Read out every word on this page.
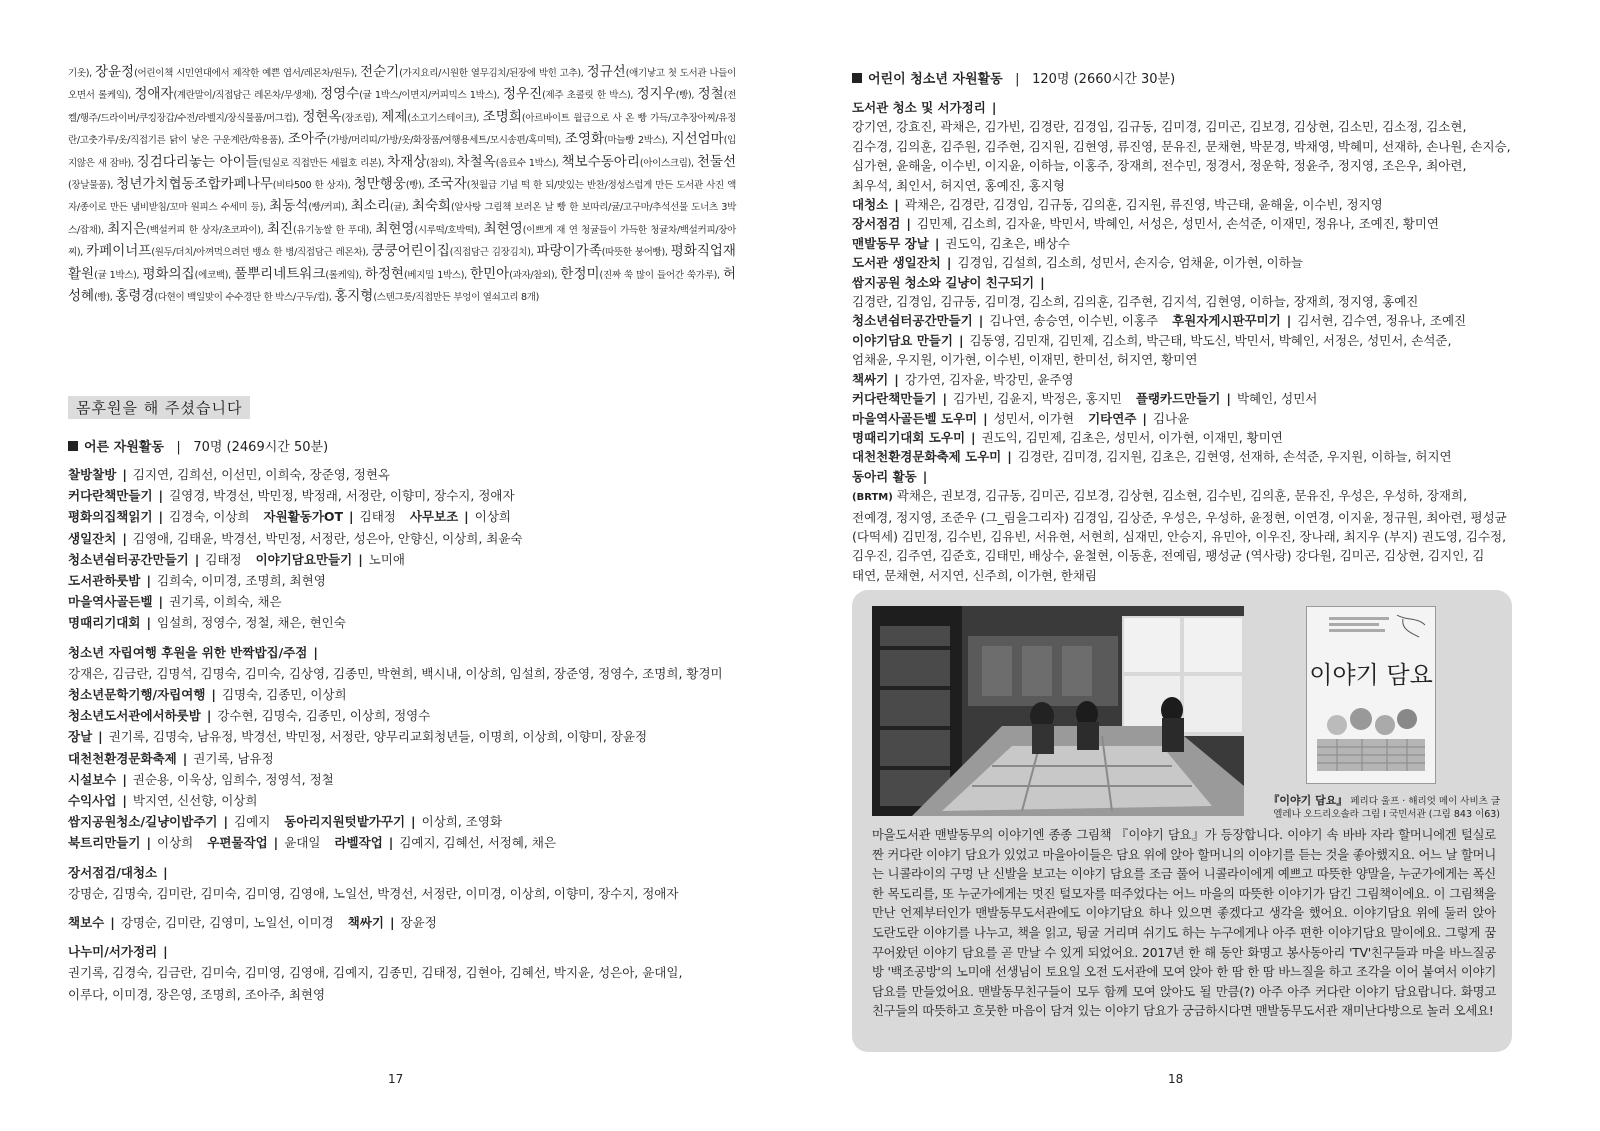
기옷), 장윤정(어린이책 시민연대에서 제작한 예쁜 엽서/레몬차/원두), 전순기(가지요리/시원한 열무김치/된장에 박힌 고추), 정규선(애기낳고 첫 도서관 나들이 오면서 롤케잌), 정애자(계란말이/직접담근 레몬차/무생채), 정영수(귤 1박스/이면지/커피믹스 1박스), 정우진(제주 초콜릿 한 박스), 정지우(빵), 정철(전켈/행주/드라이버/쿠킹장갑/수전/라벨지/장식물품/머그컵), 정현옥(장조림), 제제(소고기스테이크), 조명희(아르바이트 월급으로 사 온 빵 가득/고추장아찌/유정란/고춧가루/옷/직접기른 닭이 낳은 구운계란/학용품), 조아주(가방/머리띠/가방/옷/화장품/여행용세트/모시송편/혹미떡), 조영화(마늘빵 2박스), 지선엄마(입지않은 새 잠바), 징검다리놓는 아이들(털실로 직접만든 세월호 리본), 차재상(참외), 차철옥(음료수 1박스), 책보수동아리(아이스크림), 천둘선(장날물품), 청년가치협동조합카페나무(비타500 한 상자), 청만행웅(빵), 조국자(첫월급 기념 떡 한 되/맛있는 반찬/정성스럽게 만든 도서관 사진 액자/종이로 만든 냄비받침/꼬마 원피스 수세미 등), 최동석(빵/커피), 최소리(귤), 최숙희(알사탕 그림책 보러온 날 빵 한 보따리/귤/고구마/추석선물 도너츠 3박스/잡채), 최지은(백설커피 한 상자/초코파이), 최진(유기농쌀 한 푸대), 최현영(시루떡/호박떡), 최현영(이쁘게 재 연 청귤들이 가득한 청귤차/백설커피/장아찌), 카페이너프(원두/더치/아껴먹으려던 뱅쇼 한 병/직접담근 레몬차), 쿵쿵어린이집(직접담근 김장김치), 파랑이가족(따뜻한 붕어빵), 평화직업재활원(귤 1박스), 평화의집(에코백), 풀뿌리네트워크(롤케잌), 하정현(베지밀 1박스), 한민아(과자/참외), 한정미(진짜 쑥 많이 들어간 쑥가루), 허성혜(빵), 홍령경(다현이 백일맞이 수수경단 한 박스/구두/컵), 홍지형(스텐그릇/직접만든 부엉이 열쇠고리 8개)
몸후원을 해 주셨습니다
어른 자원활동 | 70명 (2469시간 50분)
찰방찰방 | 김지연, 김희선, 이선민, 이희숙, 장준영, 정현옥
커다란책만들기 | 길영경, 박경선, 박민정, 박정래, 서정란, 이향미, 장수지, 정애자
평화의집책읽기 | 김경숙, 이상희 자원활동가OT | 김태정 사무보조 | 이상희
생일잔치 | 김영애, 김태윤, 박경선, 박민정, 서정란, 성은아, 안향신, 이상희, 최윤숙
청소년쉼터공간만들기 | 김태정 이야기담요만들기 | 노미애
도서관하룻밤 | 김희숙, 이미경, 조명희, 최현영
마을역사골든벨 | 권기록, 이희숙, 채은
명때리기대회 | 임설희, 정영수, 정철, 채은, 현인숙
청소년 자립여행 후원을 위한 반짝밥집/주점 |
강재은, 김금란, 김명석, 김명숙, 김미숙, 김상영, 김종민, 박현희, 백시내, 이상희, 임설희, 장준영, 정영수, 조명희, 황경미
청소년문학기행/자립여행 | 김명숙, 김종민, 이상희
청소년도서관에서하룻밤 | 강수현, 김명숙, 김종민, 이상희, 정영수
장날 | 권기록, 김명숙, 남유정, 박경선, 박민정, 서정란, 양무리교회청년들, 이명희, 이상희, 이향미, 장윤정
대천천환경문화축제 | 권기록, 남유정
시설보수 | 권순용, 이욱상, 임희수, 정영석, 정철
수익사업 | 박지연, 신선향, 이상희
쌈지공원청소/길냥이밥주기 | 김예지 동아리지원텃밭가꾸기 | 이상희, 조영화
북트리만들기 | 이상희 우편물작업 | 윤대일 라벨작업 | 김예지, 김혜선, 서정혜, 채은
장서점검/대청소 |
강명순, 김명숙, 김미란, 김미숙, 김미영, 김영애, 노일선, 박경선, 서정란, 이미경, 이상희, 이향미, 장수지, 정애자
책보수 | 강명순, 김미란, 김영미, 노일선, 이미경 책싸기 | 장윤정
나누미/서가정리 |
권기록, 김경숙, 김금란, 김미숙, 김미영, 김영애, 김예지, 김종민, 김태정, 김현아, 김혜선, 박지윤, 성은아, 윤대일,
이루다, 이미경, 장은영, 조명희, 조아주, 최현영
17
어린이 청소년 자원활동 | 120명 (2660시간 30분)
도서관 청소 및 서가정리 |
강기연, 강효진, 곽채은, 김가빈, 김경란, 김경임, 김규동, 김미경, 김미곤, 김보경, 김상현, 김소민, 김소정, 김소현,
김수경, 김의훈, 김주원, 김주현, 김지원, 김현영, 류진영, 문유진, 문채현, 박문경, 박채영, 박혜미, 선재하, 손나원, 손지승,
심가현, 윤해울, 이수빈, 이지윤, 이하늘, 이홍주, 장재희, 전수민, 정경서, 정운학, 정윤주, 정지영, 조은우, 최아련,
최우석, 최인서, 허지연, 홍예진, 홍지형
대청소 | 곽채은, 김경란, 김경임, 김규동, 김의훈, 김지원, 류진영, 박근태, 윤해울, 이수빈, 정지영
장서점검 | 김민제, 김소희, 김자윤, 박민서, 박혜인, 서성은, 성민서, 손석준, 이재민, 정유나, 조예진, 황미연
맨발동무 장날 | 권도익, 김초은, 배상수
도서관 생일잔치 | 김경임, 김설희, 김소희, 성민서, 손지승, 엄채윤, 이가현, 이하늘
쌈지공원 청소와 길냥이 친구되기 |
김경란, 김경임, 김규동, 김미경, 김소희, 김의훈, 김주현, 김지석, 김현영, 이하늘, 장재희, 정지영, 홍예진
청소년쉼터공간만들기 | 김나연, 송승연, 이수빈, 이홍주 후원자게시판꾸미기 | 김서현, 김수연, 정유나, 조예진
이야기담요 만들기 | 김동영, 김민재, 김민제, 김소희, 박근태, 박도신, 박민서, 박혜인, 서정은, 성민서, 손석준,
엄채윤, 우지원, 이가현, 이수빈, 이재민, 한미선, 허지연, 황미연
책싸기 | 강가연, 김자윤, 박강민, 윤주영
커다란책만들기 | 김가빈, 김윤지, 박정은, 홍지민 플랭카드만들기 | 박혜인, 성민서
마을역사골든벨 도우미 | 성민서, 이가현 기타연주 | 김나윤
명때리기대회 도우미 | 권도익, 김민제, 김초은, 성민서, 이가현, 이재민, 황미연
대천천환경문화축제 도우미 | 김경란, 김미경, 김지원, 김초은, 김현영, 선재하, 손석준, 우지원, 이하늘, 허지연
동아리 활동 |
(BRTM) 곽채은, 권보경, 김규동, 김미곤, 김보경, 김상현, 김소현, 김수빈, 김의훈, 문유진, 우성은, 우성하, 장재희,
전예경, 정지영, 조준우 (그_림을그리자) 김경임, 김상준, 우성은, 우성하, 윤정현, 이연경, 이지윤, 정규원, 최아련, 평성균
(다떡세) 김민정, 김수빈, 김유빈, 서유현, 서현희, 심재민, 안승지, 유민아, 이우진, 장나래, 최지우 (부지) 권도영, 김수정,
김우진, 김주연, 김준호, 김태민, 배상수, 윤철현, 이동훈, 전예림, 팽성균 (역사랑) 강다원, 김미곤, 김상현, 김지인, 김
태연, 문채현, 서지연, 신주희, 이가현, 한채림
이야기 담요
『이야기 담요』 페리다 울프 · 해리엇 메이 사비츠 글
엘레나 오드리오솔라 그림 I 국민서관 (그림 843 이63)
마을도서관 맨발동무의 이야기엔 종종 그림책 『이야기 담요』가 등장합니다. 이야기 속 바바 자라 할머니에겐 털실로 짠 커다란 이야기 담요가 있었고 마을아이들은 담요 위에 앉아 할머니의 이야기를 듣는 것을 좋아했지요. 어느 날 할머니는 니콜라이의 구멍 난 신발을 보고는 이야기 담요를 조금 풀어 니콜라이에게 예쁘고 따뜻한 양말을, 누군가에게는 폭신한 목도리를, 또 누군가에게는 멋진 털모자를 떠주었다는 어느 마을의 따뜻한 이야기가 담긴 그림책이에요. 이 그림책을 만난 언제부터인가 맨발동무도서관에도 이야기담요 하나 있으면 좋겠다고 생각을 했어요. 이야기담요 위에 둘러 앉아 도란도란 이야기를 나누고, 책을 읽고, 뒹굴 거리며 쉬기도 하는 누구에게나 아주 편한 이야기담요 말이에요. 그렇게 꿈꾸어왔던 이야기 담요를 곧 만날 수 있게 되었어요. 2017년 한 해 동안 화명고 봉사동아리 'TV'친구들과 마을 바느질공방 '백조공방'의 노미애 선생님이 토요일 오전 도서관에 모여 앉아 한 땀 한 땀 바느질을 하고 조각을 이어 붙여서 이야기담요를 만들었어요. 맨발동무친구들이 모두 함께 모여 앉아도 될 만큼(?) 아주 아주 커다란 이야기 담요랍니다. 화명고 친구들의 따뜻하고 흐뭇한 마음이 담겨 있는 이야기 담요가 궁금하시다면 맨발동무도서관 재미난다방으로 놀러 오세요!
18
